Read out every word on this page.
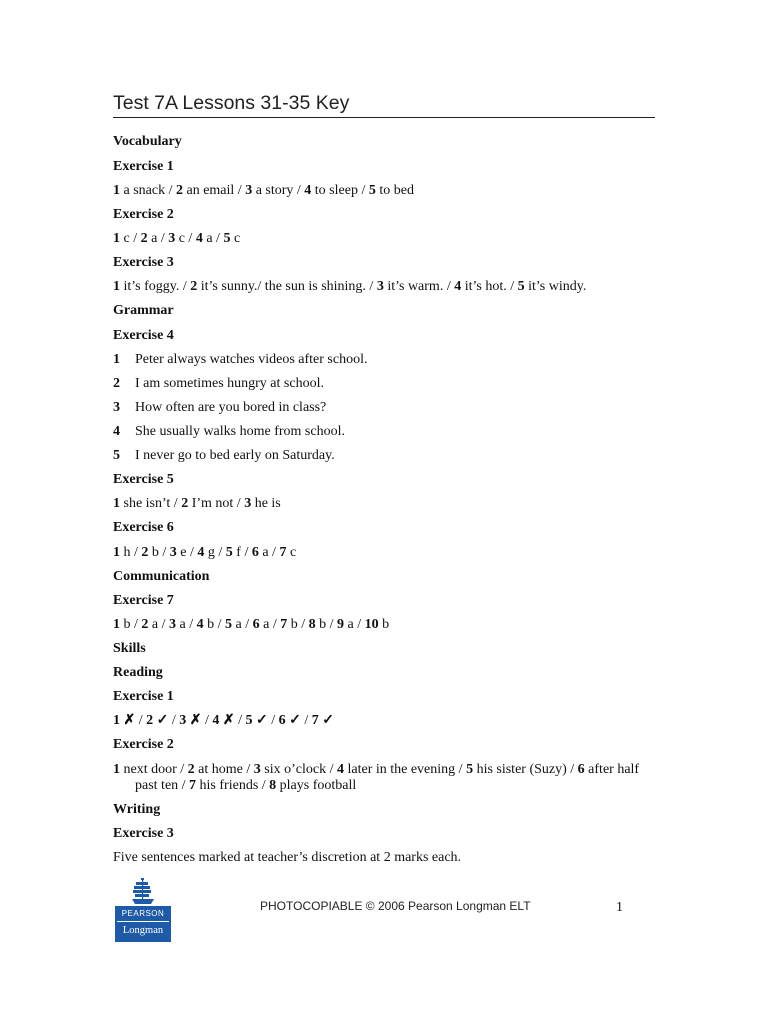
Test 7A Lessons 31-35 Key
Vocabulary
Exercise 1
1 a snack / 2 an email / 3 a story / 4 to sleep / 5 to bed
Exercise 2
1 c / 2 a / 3 c / 4 a / 5 c
Exercise 3
1 it’s foggy. / 2 it’s sunny./ the sun is shining. / 3 it’s warm. / 4 it’s hot. / 5 it’s windy.
Grammar
Exercise 4
1 Peter always watches videos after school.
2 I am sometimes hungry at school.
3 How often are you bored in class?
4 She usually walks home from school.
5 I never go to bed early on Saturday.
Exercise 5
1 she isn’t / 2 I’m not / 3 he is
Exercise 6
1 h / 2 b / 3 e / 4 g / 5 f / 6 a / 7 c
Communication
Exercise 7
1 b / 2 a / 3 a / 4 b / 5 a / 6 a / 7 b / 8 b / 9 a / 10 b
Skills
Reading
Exercise 1
1 ✗ / 2 ✓ / 3 ✗ / 4 ✗ / 5 ✓ / 6 ✓ / 7 ✓
Exercise 2
1 next door / 2 at home / 3 six o’clock / 4 later in the evening / 5 his sister (Suzy) / 6 after half
past ten / 7 his friends / 8 plays football
Writing
Exercise 3
Five sentences marked at teacher’s discretion at 2 marks each.
PEARSON
Longman
PHOTOCOPIABLE © 2006 Pearson Longman ELT	1
